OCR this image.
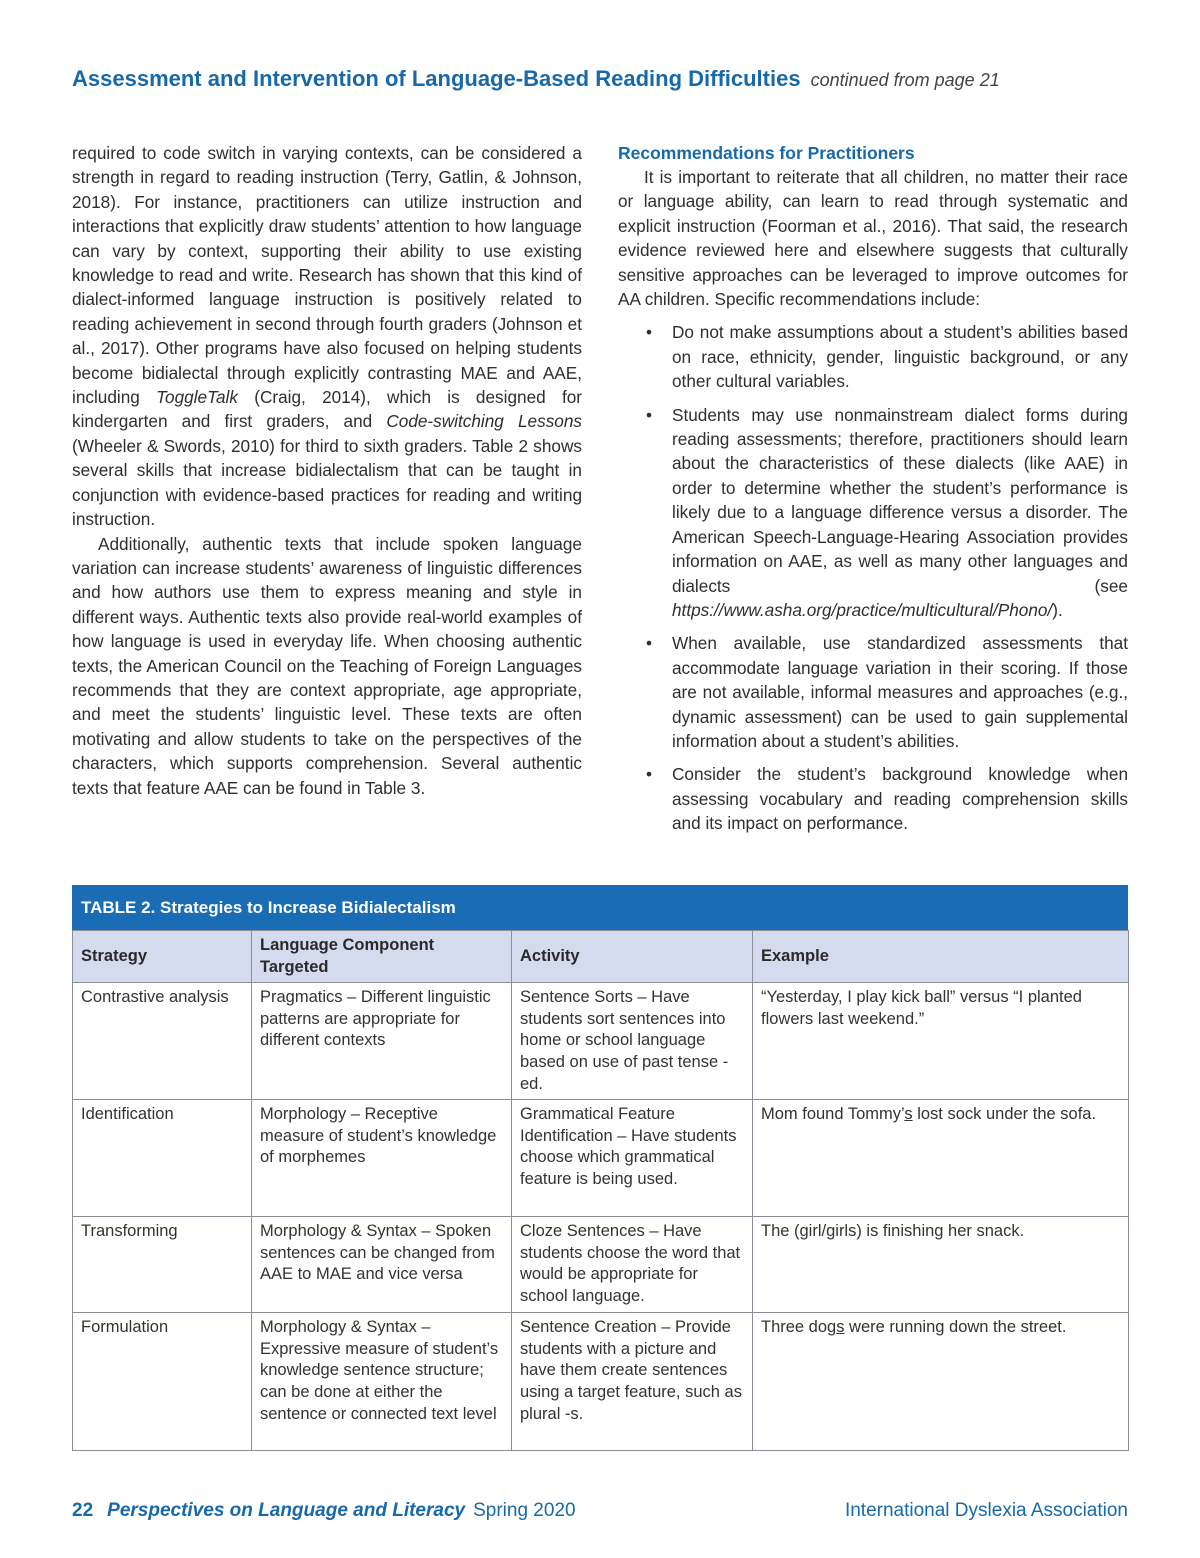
Assessment and Intervention of Language-Based Reading Difficulties continued from page 21

required to code switch in varying contexts, can be considered a strength in regard to reading instruction (Terry, Gatlin, & Johnson, 2018). For instance, practitioners can utilize instruction and interactions that explicitly draw students’ attention to how language can vary by context, supporting their ability to use existing knowledge to read and write. Research has shown that this kind of dialect-informed language instruction is positively related to reading achievement in second through fourth graders (Johnson et al., 2017). Other programs have also focused on helping students become bidialectal through explicitly contrasting MAE and AAE, including ToggleTalk (Craig, 2014), which is designed for kindergarten and first graders, and Code-switching Lessons (Wheeler & Swords, 2010) for third to sixth graders. Table 2 shows several skills that increase bidialectalism that can be taught in conjunction with evidence-based practices for reading and writing instruction.

Additionally, authentic texts that include spoken language variation can increase students’ awareness of linguistic differences and how authors use them to express meaning and style in different ways. Authentic texts also provide real-world examples of how language is used in everyday life. When choosing authentic texts, the American Council on the Teaching of Foreign Languages recommends that they are context appropriate, age appropriate, and meet the students’ linguistic level. These texts are often motivating and allow students to take on the perspectives of the characters, which supports comprehension. Several authentic texts that feature AAE can be found in Table 3.

Recommendations for Practitioners

It is important to reiterate that all children, no matter their race or language ability, can learn to read through systematic and explicit instruction (Foorman et al., 2016). That said, the research evidence reviewed here and elsewhere suggests that culturally sensitive approaches can be leveraged to improve outcomes for AA children. Specific recommendations include:

• Do not make assumptions about a student’s abilities based on race, ethnicity, gender, linguistic background, or any other cultural variables.
• Students may use nonmainstream dialect forms during reading assessments; therefore, practitioners should learn about the characteristics of these dialects (like AAE) in order to determine whether the student’s performance is likely due to a language difference versus a disorder. The American Speech-Language-Hearing Association provides information on AAE, as well as many other languages and dialects (see https://www.asha.org/practice/multicultural/Phono/).
• When available, use standardized assessments that accommodate language variation in their scoring. If those are not available, informal measures and approaches (e.g., dynamic assessment) can be used to gain supplemental information about a student’s abilities.
• Consider the student’s background knowledge when assessing vocabulary and reading comprehension skills and its impact on performance.
TABLE 2. Strategies to Increase Bidialectalism
Strategy	Language Component Targeted	Activity	Example
Contrastive analysis	Pragmatics – Different linguistic patterns are appropriate for different contexts	Sentence Sorts – Have students sort sentences into home or school language based on use of past tense -ed.	“Yesterday, I play kick ball” versus “I planted flowers last weekend.”
Identification	Morphology – Receptive measure of student’s knowledge of morphemes	Grammatical Feature Identification – Have students choose which grammatical feature is being used.	Mom found Tommy’s lost sock under the sofa.
Transforming	Morphology & Syntax – Spoken sentences can be changed from AAE to MAE and vice versa	Cloze Sentences – Have students choose the word that would be appropriate for school language.	The (girl/girls) is finishing her snack.
Formulation	Morphology & Syntax – Expressive measure of student’s knowledge sentence structure; can be done at either the sentence or connected text level	Sentence Creation – Provide students with a picture and have them create sentences using a target feature, such as plural -s.	Three dogs were running down the street.
22 Perspectives on Language and Literacy Spring 2020	International Dyslexia Association
